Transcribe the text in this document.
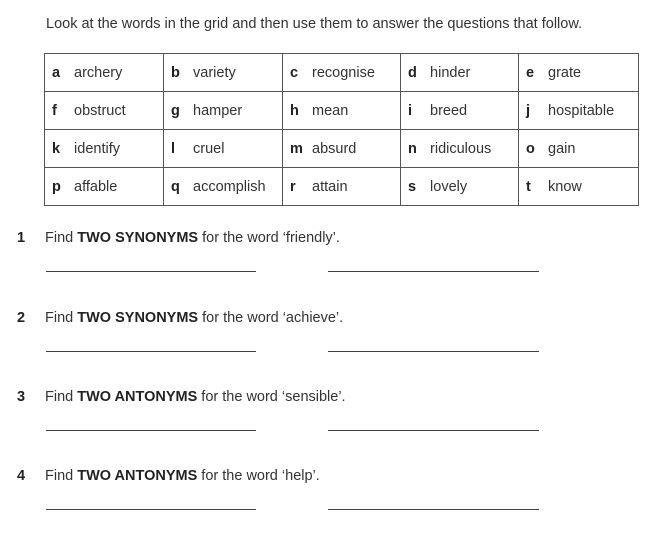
Look at the words in the grid and then use them to answer the questions that follow.
a archery	b variety	c recognise	d hinder	e grate
f obstruct	g hamper	h mean	i breed	j hospitable
k identify	l cruel	m absurd	n ridiculous	o gain
p affable	q accomplish	r attain	s lovely	t know
1 Find TWO SYNONYMS for the word ‘friendly’.
2 Find TWO SYNONYMS for the word ‘achieve’.
3 Find TWO ANTONYMS for the word ‘sensible’.
4 Find TWO ANTONYMS for the word ‘help’.
